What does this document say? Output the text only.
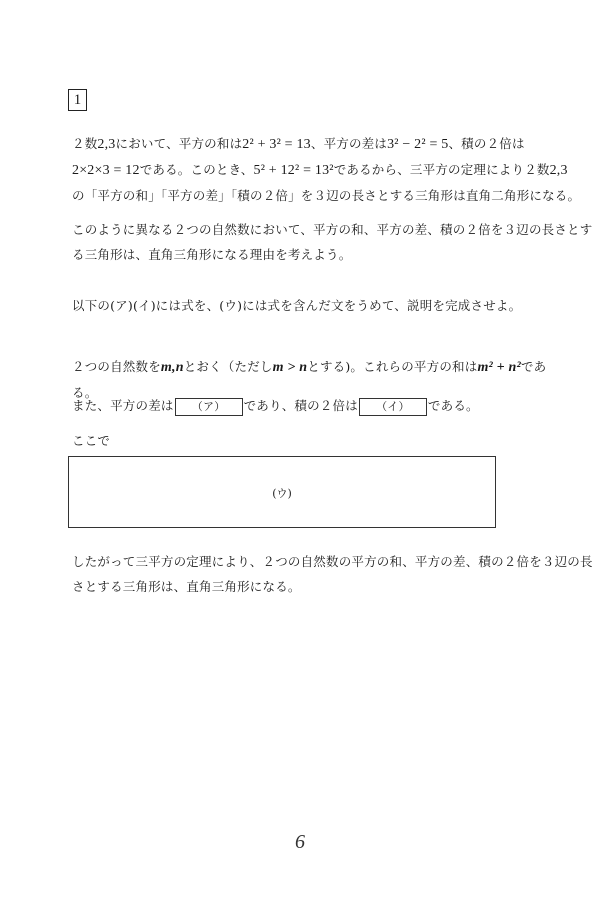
1
２数2,3において、平方の和は2² + 3² = 13、平方の差は3² − 2² = 5、積の２倍は
2×2×3 = 12である。このとき、5² + 12² = 13²であるから、三平方の定理により２数2,3
の「平方の和」「平方の差」「積の２倍」を３辺の長さとする三角形は直角二角形になる。
このように異なる２つの自然数において、平方の和、平方の差、積の２倍を３辺の長さとす
る三角形は、直角三角形になる理由を考えよう。
以下の(ア)(イ)には式を、(ウ)には式を含んだ文をうめて、説明を完成させよ。
２つの自然数をm,nとおく（ただしm > nとする)。これらの平方の和はm² + n²である。
また、平方の差は （ア） であり、積の２倍は （イ） である。
ここで
(ウ)
したがって三平方の定理により、２つの自然数の平方の和、平方の差、積の２倍を３辺の長
さとする三角形は、直角三角形になる。
6
